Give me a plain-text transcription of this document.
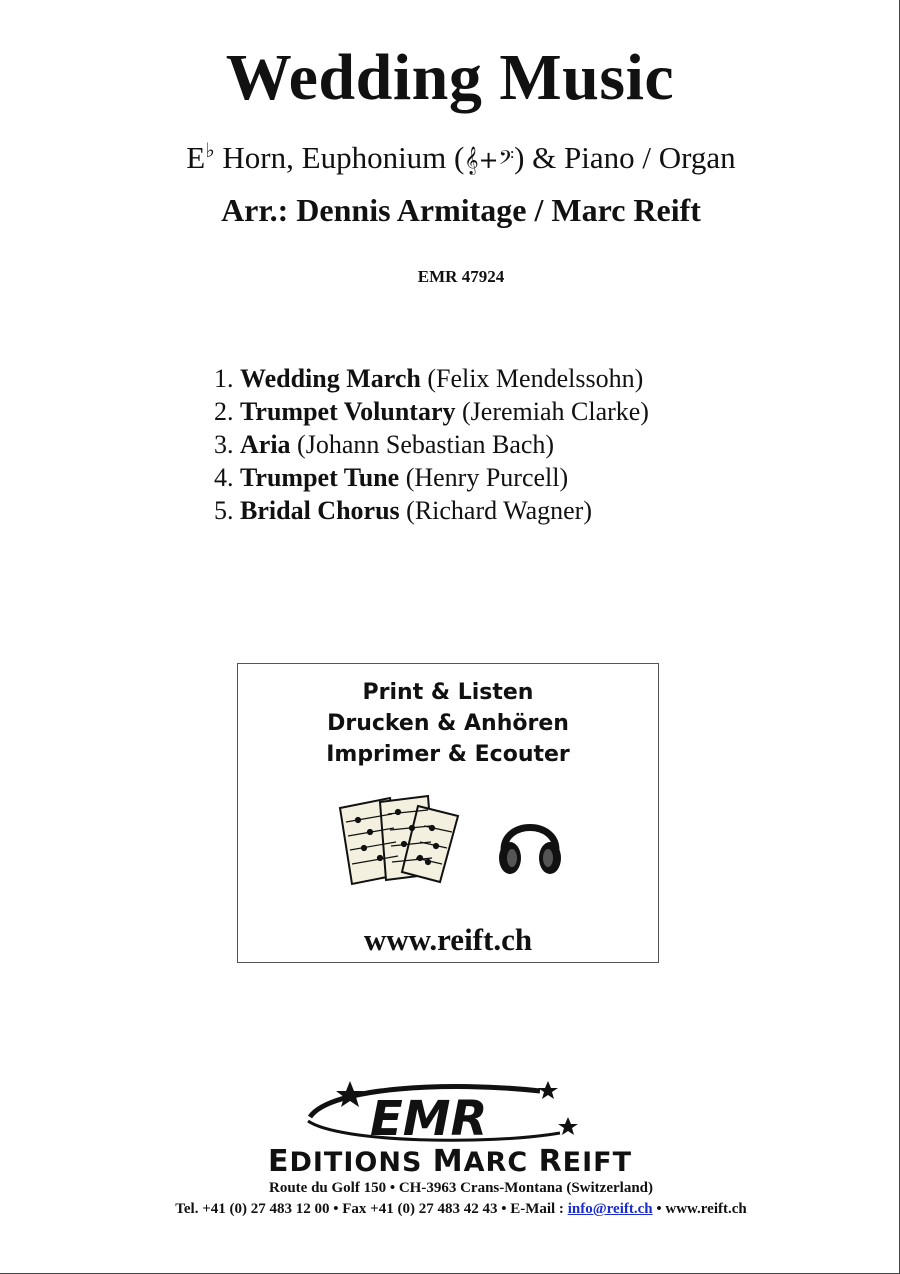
Wedding Music
E♭ Horn, Euphonium (𝄞+𝄢) & Piano / Organ
Arr.: Dennis Armitage / Marc Reift
EMR 47924
1. Wedding March (Felix Mendelssohn)
2. Trumpet Voluntary (Jeremiah Clarke)
3. Aria (Johann Sebastian Bach)
4. Trumpet Tune (Henry Purcell)
5. Bridal Chorus (Richard Wagner)
Print & Listen
Drucken & Anhören
Imprimer & Ecouter
www.reift.ch
EMR
EDITIONS MARC REIFT
Route du Golf 150 • CH-3963 Crans-Montana (Switzerland)
Tel. +41 (0) 27 483 12 00 • Fax +41 (0) 27 483 42 43 • E-Mail : info@reift.ch • www.reift.ch
